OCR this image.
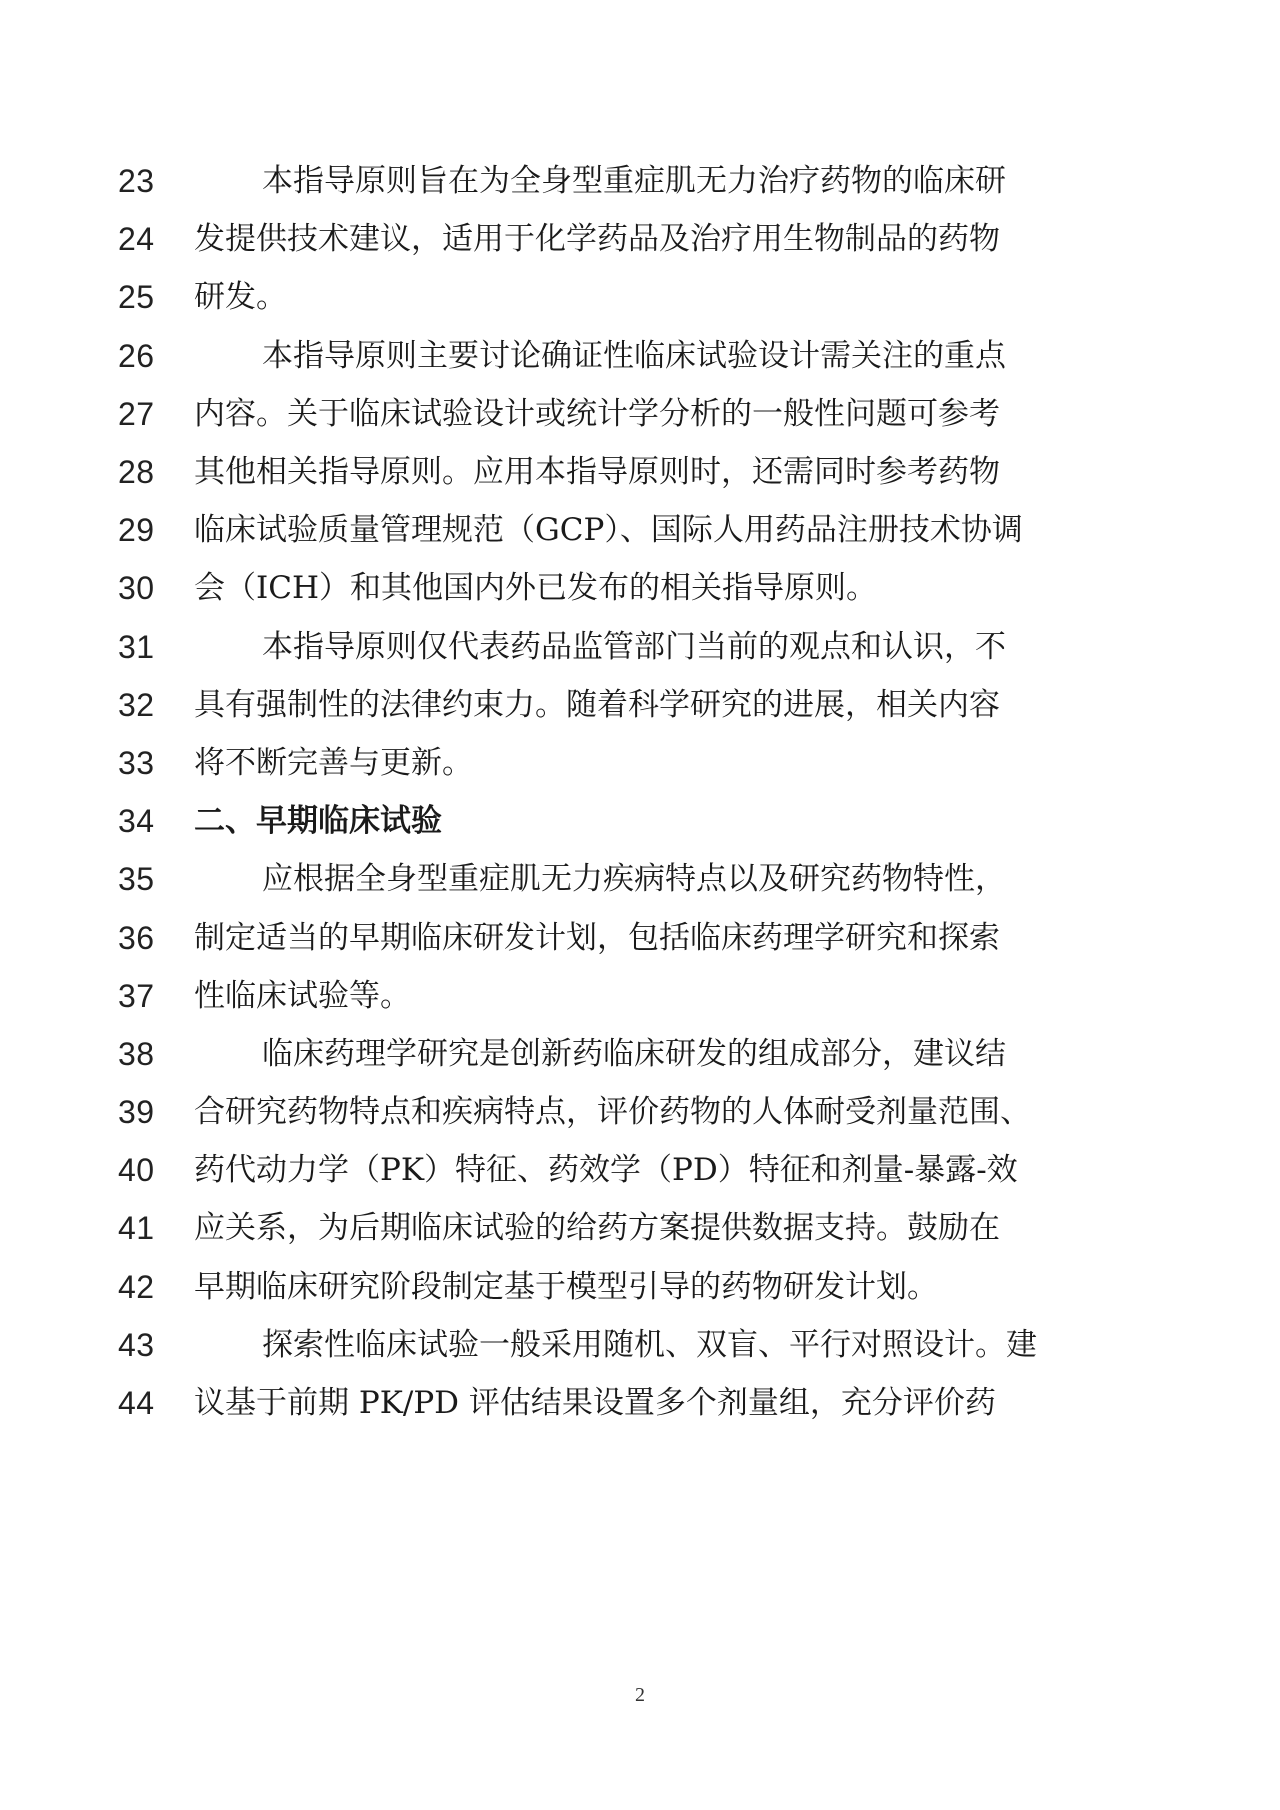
23	本指导原则旨在为全身型重症肌无力治疗药物的临床研
24	发提供技术建议，适用于化学药品及治疗用生物制品的药物
25	研发。
26	本指导原则主要讨论确证性临床试验设计需关注的重点
27	内容。关于临床试验设计或统计学分析的一般性问题可参考
28	其他相关指导原则。应用本指导原则时，还需同时参考药物
29	临床试验质量管理规范（GCP）、国际人用药品注册技术协调
30	会（ICH）和其他国内外已发布的相关指导原则。
31	本指导原则仅代表药品监管部门当前的观点和认识，不
32	具有强制性的法律约束力。随着科学研究的进展，相关内容
33	将不断完善与更新。
34	二、早期临床试验
35	应根据全身型重症肌无力疾病特点以及研究药物特性，
36	制定适当的早期临床研发计划，包括临床药理学研究和探索
37	性临床试验等。
38	临床药理学研究是创新药临床研发的组成部分，建议结
39	合研究药物特点和疾病特点，评价药物的人体耐受剂量范围、
40	药代动力学（PK）特征、药效学（PD）特征和剂量-暴露-效
41	应关系，为后期临床试验的给药方案提供数据支持。鼓励在
42	早期临床研究阶段制定基于模型引导的药物研发计划。
43	探索性临床试验一般采用随机、双盲、平行对照设计。建
44	议基于前期 PK/PD 评估结果设置多个剂量组，充分评价药
2
